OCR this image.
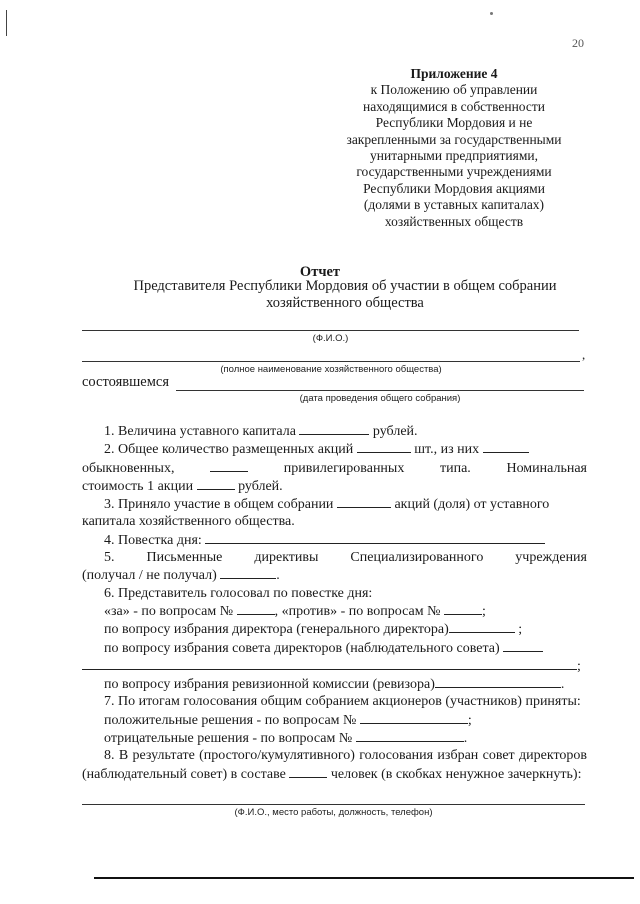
20
Приложение 4
к Положению об управлении
находящимися в собственности
Республики Мордовия и не
закрепленными за государственными
унитарными предприятиями,
государственными учреждениями
Республики Мордовия акциями
(долями в уставных капиталах)
хозяйственных обществ
Отчет
Представителя Республики Мордовия об участии в общем собрании хозяйственного общества
(Ф.И.О.)
,
(полное наименование хозяйственного общества)
состоявшемся
(дата проведения общего собрания)

1. Величина уставного капитала	рублей.

2. Общее количество размещенных акций	шт., из них

обыкновенных,	привилегированных типа. Номинальная

стоимость 1 акции	рублей.

3. Приняло участие в общем собрании	акций (доля) от уставного

капитала хозяйственного общества.

4. Повестка дня:

5. Письменные директивы Специализированного учреждения

(получал / не получал)	.

6. Представитель голосовал по повестке дня:

«за» - по вопросам №	, «против» - по вопросам №	;

по вопросу избрания директора (генерального директора)	;

по вопросу избрания совета директоров (наблюдательного совета)

;

по вопросу избрания ревизионной комиссии (ревизора)	.

7. По итогам голосования общим собранием акционеров (участников) приняты:

положительные решения - по вопросам №	;

отрицательные решения - по вопросам №	.

8. В результате (простого/кумулятивного) голосования избран совет директоров (наблюдательный совет) в составе	человек (в скобках ненужное зачеркнуть):

(Ф.И.О., место работы, должность, телефон)
